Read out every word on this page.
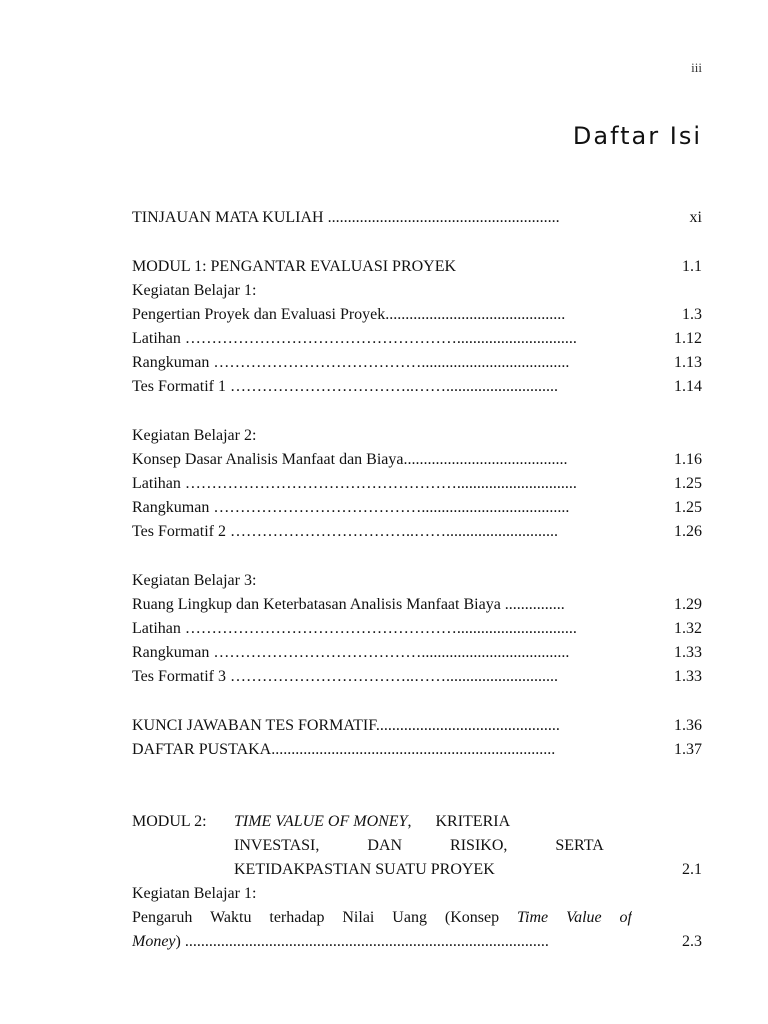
iii
Daftar Isi
TINJAUAN MATA KULIAH ..........................................................	xi
MODUL 1: PENGANTAR EVALUASI PROYEK	1.1
Kegiatan Belajar 1:
Pengertian Proyek dan Evaluasi Proyek.............................................	1.3
Latihan ……………………………………………..............................	1.12
Rangkuman ………………………………….....................................	1.13
Tes Formatif 1 ……………………………..……............................	1.14
Kegiatan Belajar 2:
Konsep Dasar Analisis Manfaat dan Biaya.........................................	1.16
Latihan ……………………………………………..............................	1.25
Rangkuman ………………………………….....................................	1.25
Tes Formatif 2 ……………………………..……............................	1.26
Kegiatan Belajar 3:
Ruang Lingkup dan Keterbatasan Analisis Manfaat Biaya ...............	1.29
Latihan ……………………………………………..............................	1.32
Rangkuman ………………………………….....................................	1.33
Tes Formatif 3 ……………………………..……............................	1.33
KUNCI JAWABAN TES FORMATIF..............................................	1.36
DAFTAR PUSTAKA.......................................................................	1.37
MODUL 2: TIME VALUE OF MONEY,      KRITERIA
INVESTASI,            DAN            RISIKO,            SERTA
KETIDAKPASTIAN SUATU PROYEK	2.1
Kegiatan Belajar 1:
Pengaruh Waktu terhadap Nilai Uang (Konsep Time Value of
Money) ...........................................................................................	2.3
